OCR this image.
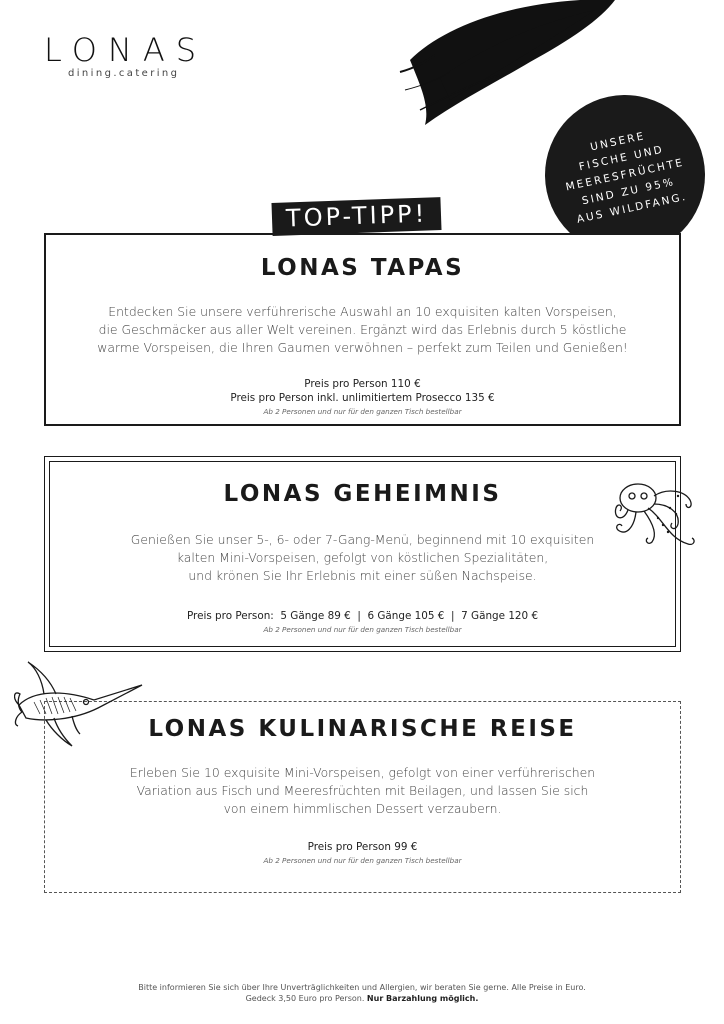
LONAS
dining.catering
UNSERE
FISCHE UND
MEERESFRÜCHTE
SIND ZU 95%
AUS WILDFANG.
TOP-TIPP!
LONAS TAPAS
Entdecken Sie unsere verführerische Auswahl an 10 exquisiten kalten Vorspeisen,
die Geschmäcker aus aller Welt vereinen. Ergänzt wird das Erlebnis durch 5 köstliche
warme Vorspeisen, die Ihren Gaumen verwöhnen – perfekt zum Teilen und Genießen!
Preis pro Person 110 €
Preis pro Person inkl. unlimitiertem Prosecco 135 €
Ab 2 Personen und nur für den ganzen Tisch bestellbar
LONAS GEHEIMNIS
Genießen Sie unser 5-, 6- oder 7-Gang-Menü, beginnend mit 10 exquisiten
kalten Mini-Vorspeisen, gefolgt von köstlichen Spezialitäten,
und krönen Sie Ihr Erlebnis mit einer süßen Nachspeise.
Preis pro Person:  5 Gänge 89 €  |  6 Gänge 105 €  |  7 Gänge 120 €
Ab 2 Personen und nur für den ganzen Tisch bestellbar
LONAS KULINARISCHE REISE
Erleben Sie 10 exquisite Mini-Vorspeisen, gefolgt von einer verführerischen
Variation aus Fisch und Meeresfrüchten mit Beilagen, und lassen Sie sich
von einem himmlischen Dessert verzaubern.
Preis pro Person 99 €
Ab 2 Personen und nur für den ganzen Tisch bestellbar
Bitte informieren Sie sich über Ihre Unverträglichkeiten und Allergien, wir beraten Sie gerne. Alle Preise in Euro.
Gedeck 3,50 Euro pro Person. Nur Barzahlung möglich.
